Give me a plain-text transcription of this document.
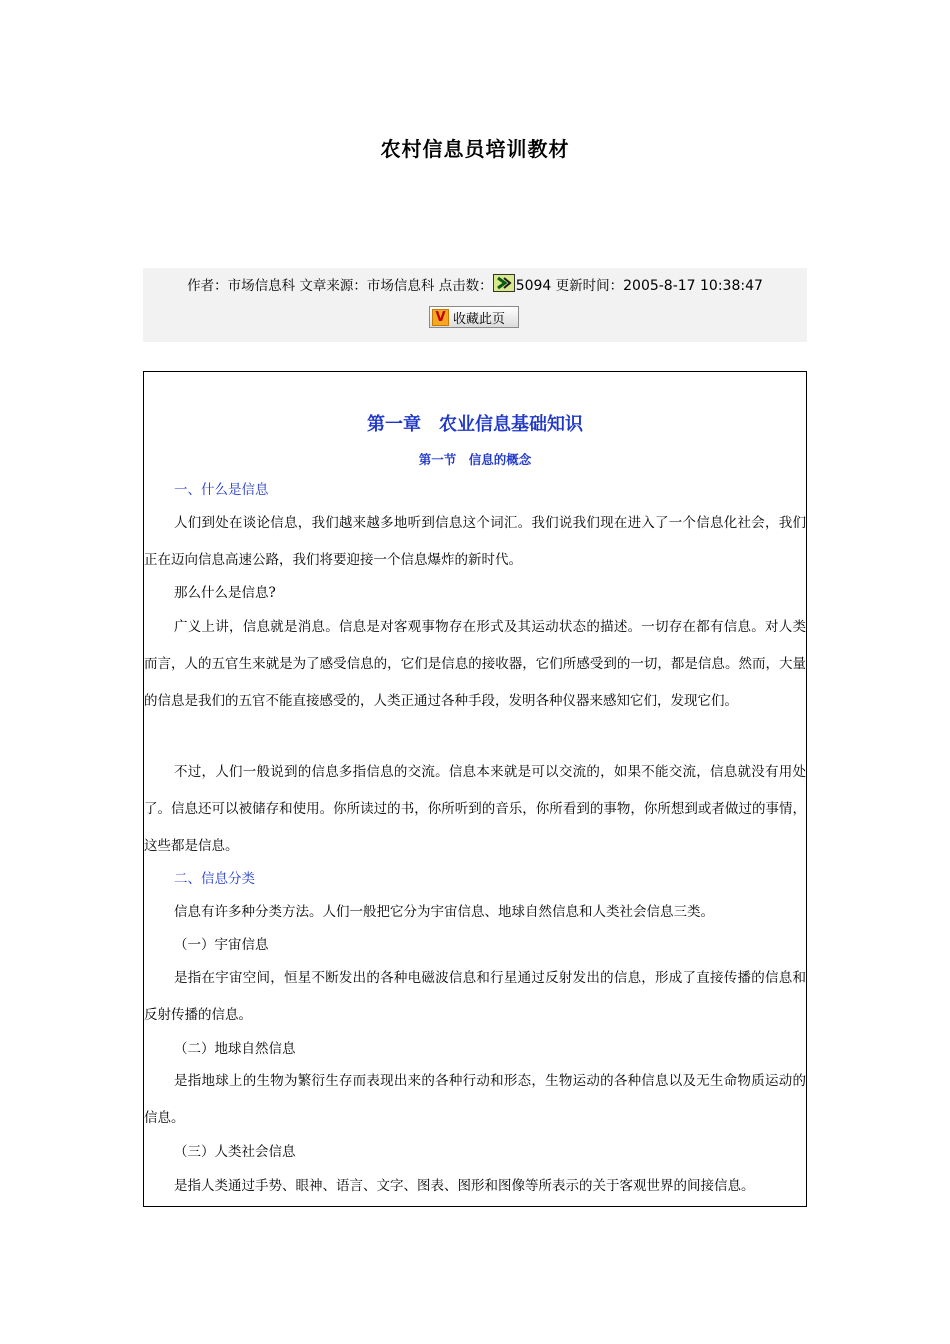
农村信息员培训教材
作者：市场信息科 文章来源：市场信息科 点击数： 5094 更新时间：2005-8-17 10:38:47
V 收藏此页
第一章　农业信息基础知识
第一节　信息的概念

一、什么是信息

人们到处在谈论信息，我们越来越多地听到信息这个词汇。我们说我们现在进入了一个信息化社会，我们正在迈向信息高速公路，我们将要迎接一个信息爆炸的新时代。

那么什么是信息?

广义上讲，信息就是消息。信息是对客观事物存在形式及其运动状态的描述。一切存在都有信息。对人类而言，人的五官生来就是为了感受信息的，它们是信息的接收器，它们所感受到的一切，都是信息。然而，大量的信息是我们的五官不能直接感受的，人类正通过各种手段，发明各种仪器来感知它们，发现它们。

不过，人们一般说到的信息多指信息的交流。信息本来就是可以交流的，如果不能交流，信息就没有用处了。信息还可以被储存和使用。你所读过的书，你所听到的音乐，你所看到的事物，你所想到或者做过的事情，这些都是信息。

二、信息分类

信息有许多种分类方法。人们一般把它分为宇宙信息、地球自然信息和人类社会信息三类。

（一）宇宙信息

是指在宇宙空间，恒星不断发出的各种电磁波信息和行星通过反射发出的信息，形成了直接传播的信息和反射传播的信息。

（二）地球自然信息

是指地球上的生物为繁衍生存而表现出来的各种行动和形态，生物运动的各种信息以及无生命物质运动的信息。

（三）人类社会信息

是指人类通过手势、眼神、语言、文字、图表、图形和图像等所表示的关于客观世界的间接信息。
